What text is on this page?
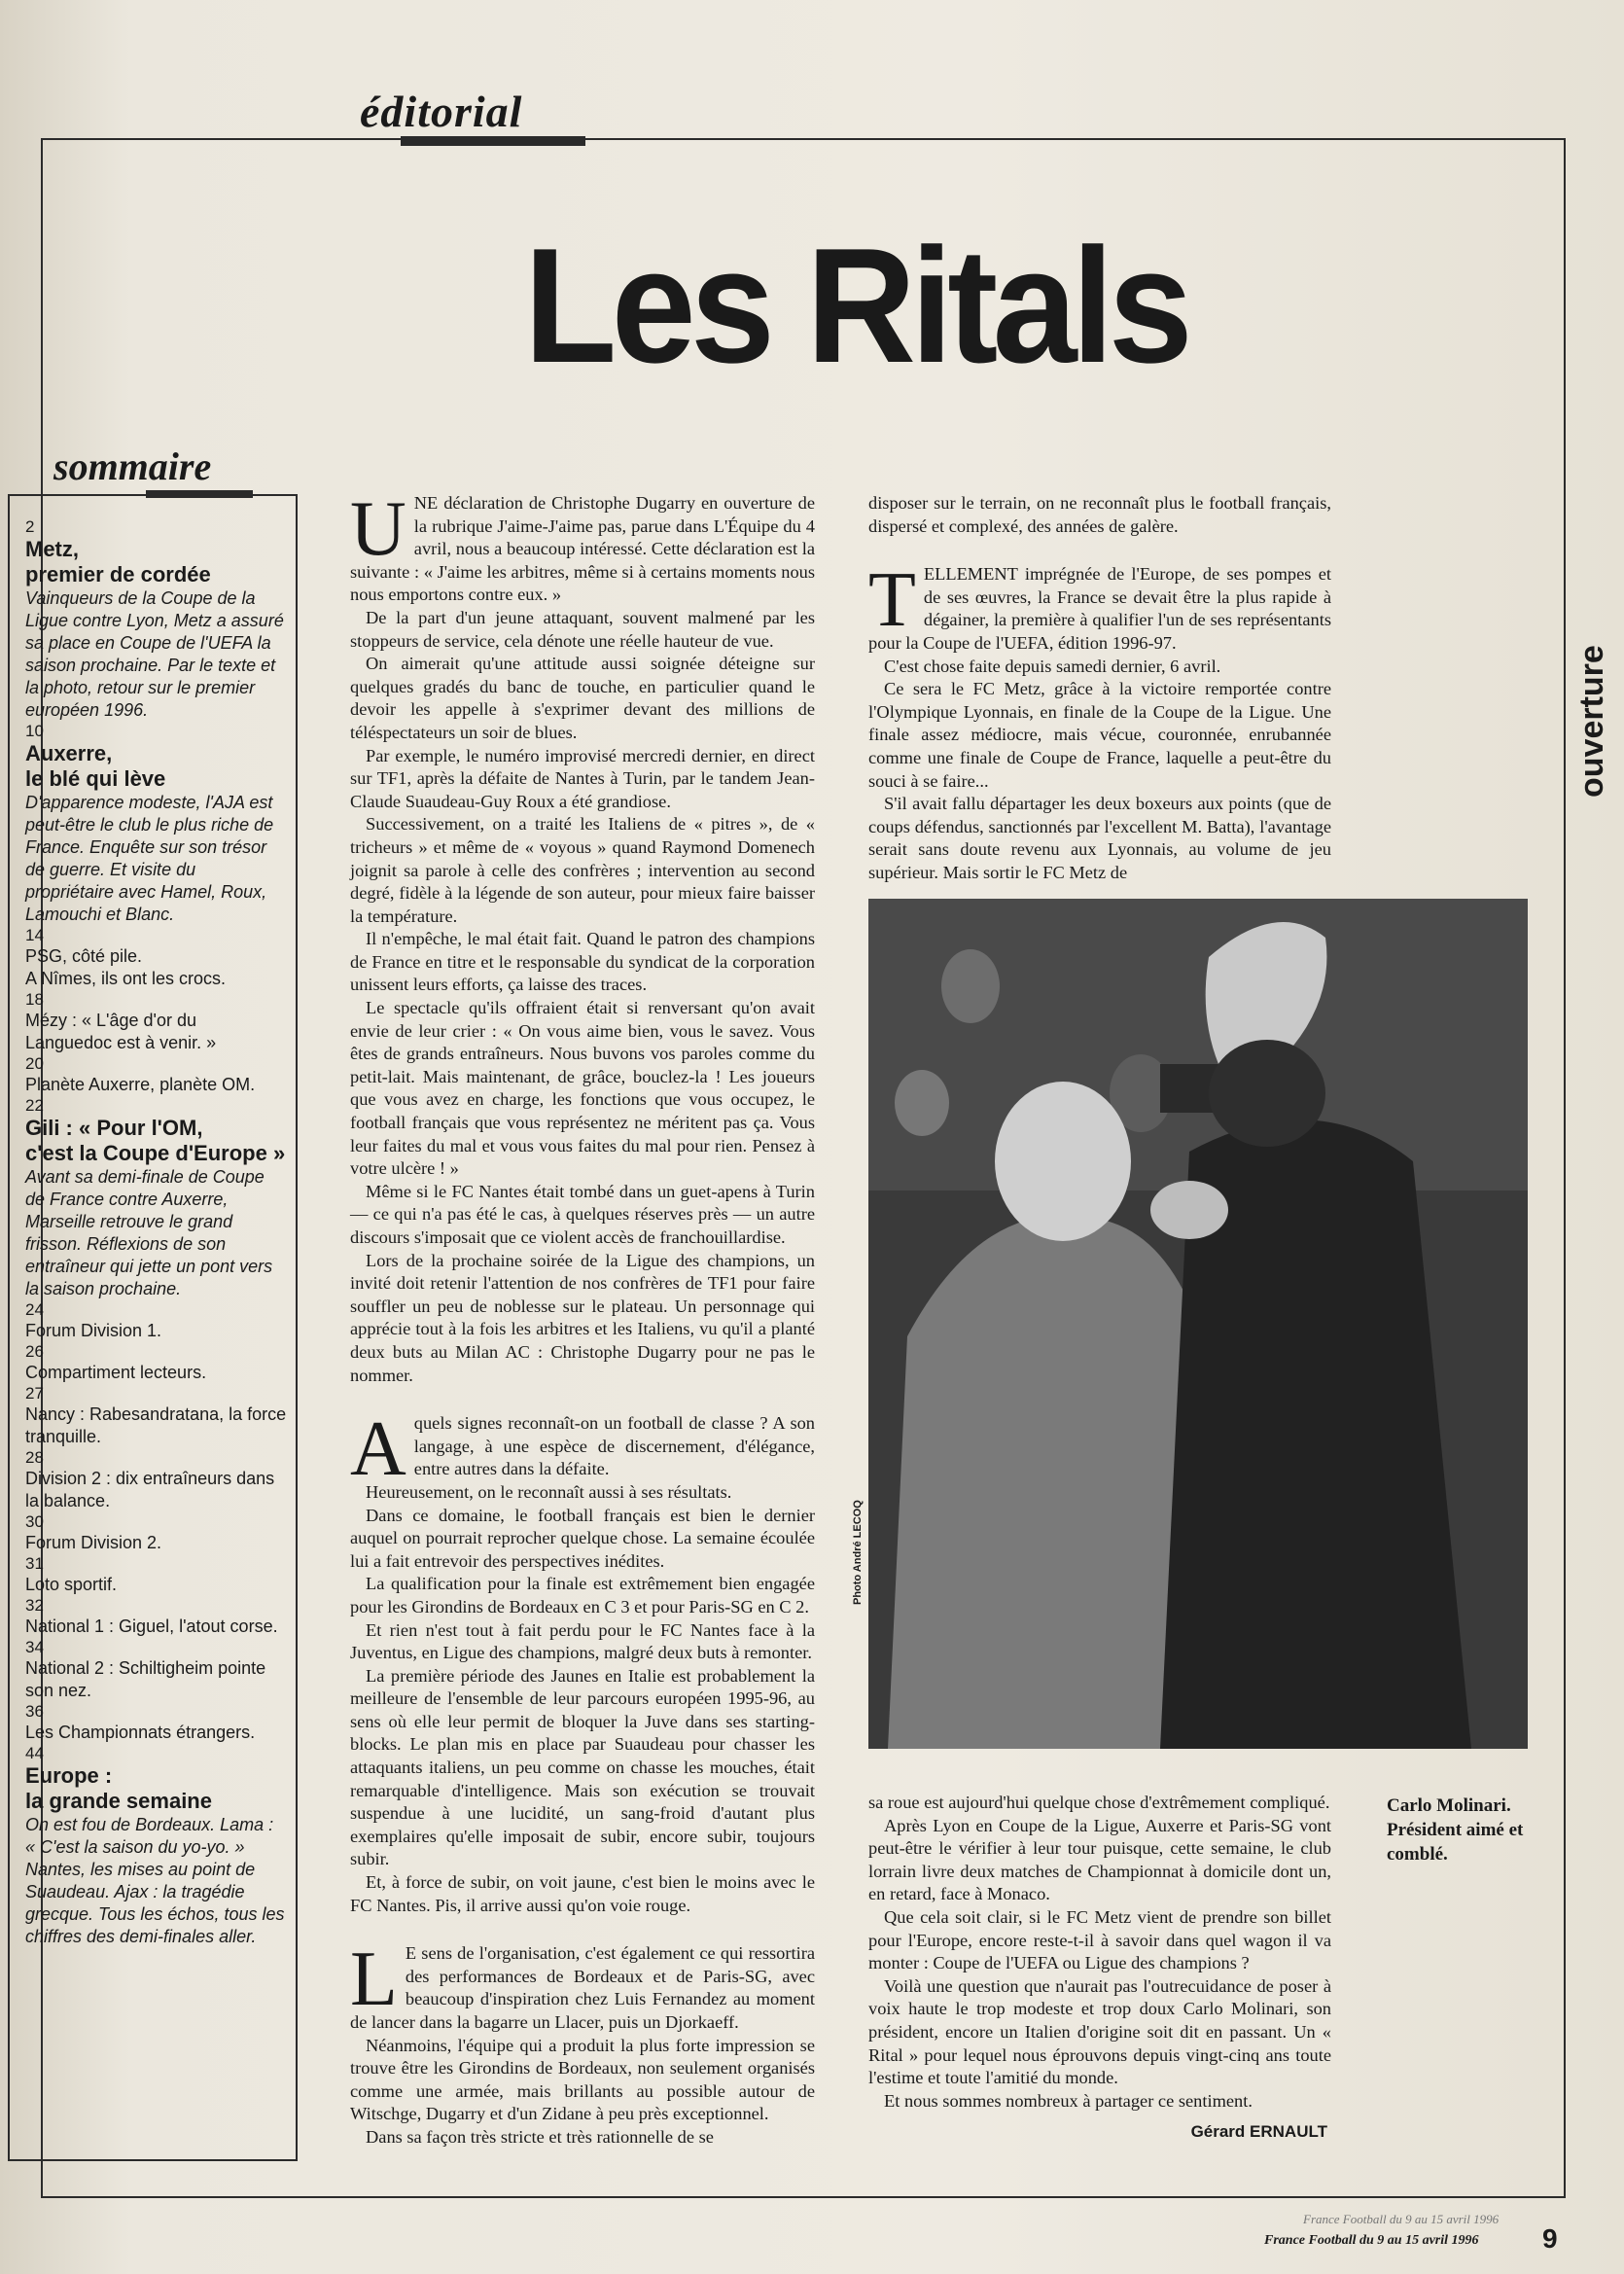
éditorial
Les Ritals
ouverture
sommaire
2
Metz,
premier de cordée
Vainqueurs de la Coupe de la Ligue contre Lyon, Metz a assuré sa place en Coupe de l'UEFA la saison prochaine. Par le texte et la photo, retour sur le premier européen 1996.
10
Auxerre,
le blé qui lève
D'apparence modeste, l'AJA est peut-être le club le plus riche de France. Enquête sur son trésor de guerre. Et visite du propriétaire avec Hamel, Roux, Lamouchi et Blanc.
14
PSG, côté pile.
A Nîmes, ils ont les crocs.
18
Mézy : « L'âge d'or du Languedoc est à venir. »
20
Planète Auxerre, planète OM.
22
Gili : « Pour l'OM,
c'est la Coupe d'Europe »
Avant sa demi-finale de Coupe de France contre Auxerre, Marseille retrouve le grand frisson. Réflexions de son entraîneur qui jette un pont vers la saison prochaine.
24
Forum Division 1.
26
Compartiment lecteurs.
27
Nancy : Rabesandratana, la force tranquille.
28
Division 2 : dix entraîneurs dans la balance.
30
Forum Division 2.
31
Loto sportif.
32
National 1 : Giguel, l'atout corse.
34
National 2 : Schiltigheim pointe son nez.
36
Les Championnats étrangers.
44
Europe :
la grande semaine
On est fou de Bordeaux. Lama : « C'est la saison du yo-yo. » Nantes, les mises au point de Suaudeau. Ajax : la tragédie grecque. Tous les échos, tous les chiffres des demi-finales aller.

UNE déclaration de Christophe Dugarry en ouverture de la rubrique J'aime-J'aime pas, parue dans L'Équipe du 4 avril, nous a beaucoup intéressé. Cette déclaration est la suivante : « J'aime les arbitres, même si à certains moments nous nous emportons contre eux. »

De la part d'un jeune attaquant, souvent malmené par les stoppeurs de service, cela dénote une réelle hauteur de vue.

On aimerait qu'une attitude aussi soignée déteigne sur quelques gradés du banc de touche, en particulier quand le devoir les appelle à s'exprimer devant des millions de téléspectateurs un soir de blues.

Par exemple, le numéro improvisé mercredi dernier, en direct sur TF1, après la défaite de Nantes à Turin, par le tandem Jean-Claude Suaudeau-Guy Roux a été grandiose.

Successivement, on a traité les Italiens de « pitres », de « tricheurs » et même de « voyous » quand Raymond Domenech joignit sa parole à celle des confrères ; intervention au second degré, fidèle à la légende de son auteur, pour mieux faire baisser la température.

Il n'empêche, le mal était fait. Quand le patron des champions de France en titre et le responsable du syndicat de la corporation unissent leurs efforts, ça laisse des traces.

Le spectacle qu'ils offraient était si renversant qu'on avait envie de leur crier : « On vous aime bien, vous le savez. Vous êtes de grands entraîneurs. Nous buvons vos paroles comme du petit-lait. Mais maintenant, de grâce, bouclez-la ! Les joueurs que vous avez en charge, les fonctions que vous occupez, le football français que vous représentez ne méritent pas ça. Vous leur faites du mal et vous vous faites du mal pour rien. Pensez à votre ulcère ! »

Même si le FC Nantes était tombé dans un guet-apens à Turin — ce qui n'a pas été le cas, à quelques réserves près — un autre discours s'imposait que ce violent accès de franchouillardise.

Lors de la prochaine soirée de la Ligue des champions, un invité doit retenir l'attention de nos confrères de TF1 pour faire souffler un peu de noblesse sur le plateau. Un personnage qui apprécie tout à la fois les arbitres et les Italiens, vu qu'il a planté deux buts au Milan AC : Christophe Dugarry pour ne pas le nommer.

Aquels signes reconnaît-on un football de classe ? A son langage, à une espèce de discernement, d'élégance, entre autres dans la défaite.

Heureusement, on le reconnaît aussi à ses résultats.

Dans ce domaine, le football français est bien le dernier auquel on pourrait reprocher quelque chose. La semaine écoulée lui a fait entrevoir des perspectives inédites.

La qualification pour la finale est extrêmement bien engagée pour les Girondins de Bordeaux en C 3 et pour Paris-SG en C 2.

Et rien n'est tout à fait perdu pour le FC Nantes face à la Juventus, en Ligue des champions, malgré deux buts à remonter.

La première période des Jaunes en Italie est probablement la meilleure de l'ensemble de leur parcours européen 1995-96, au sens où elle leur permit de bloquer la Juve dans ses starting-blocks. Le plan mis en place par Suaudeau pour chasser les attaquants italiens, un peu comme on chasse les mouches, était remarquable d'intelligence. Mais son exécution se trouvait suspendue à une lucidité, un sang-froid d'autant plus exemplaires qu'elle imposait de subir, encore subir, toujours subir.

Et, à force de subir, on voit jaune, c'est bien le moins avec le FC Nantes. Pis, il arrive aussi qu'on voie rouge.

L E sens de l'organisation, c'est également ce qui ressortira des performances de Bordeaux et de Paris-SG, avec beaucoup d'inspiration chez Luis Fernandez au moment de lancer dans la bagarre un Llacer, puis un Djorkaeff.

Néanmoins, l'équipe qui a produit la plus forte impression se trouve être les Girondins de Bordeaux, non seulement organisés comme une armée, mais brillants au possible autour de Witschge, Dugarry et d'un Zidane à peu près exceptionnel.

Dans sa façon très stricte et très rationnelle de se

disposer sur le terrain, on ne reconnaît plus le football français, dispersé et complexé, des années de galère.

TELLEMENT imprégnée de l'Europe, de ses pompes et de ses œuvres, la France se devait être la plus rapide à dégainer, la première à qualifier l'un de ses représentants pour la Coupe de l'UEFA, édition 1996-97.

C'est chose faite depuis samedi dernier, 6 avril.

Ce sera le FC Metz, grâce à la victoire remportée contre l'Olympique Lyonnais, en finale de la Coupe de la Ligue. Une finale assez médiocre, mais vécue, couronnée, enrubannée comme une finale de Coupe de France, laquelle a peut-être du souci à se faire...

S'il avait fallu départager les deux boxeurs aux points (que de coups défendus, sanctionnés par l'excellent M. Batta), l'avantage serait sans doute revenu aux Lyonnais, au volume de jeu supérieur. Mais sortir le FC Metz de

Photo André LECOQ
Carlo Molinari.
Président aimé et comblé.

sa roue est aujourd'hui quelque chose d'extrêmement compliqué.

Après Lyon en Coupe de la Ligue, Auxerre et Paris-SG vont peut-être le vérifier à leur tour puisque, cette semaine, le club lorrain livre deux matches de Championnat à domicile dont un, en retard, face à Monaco.

Que cela soit clair, si le FC Metz vient de prendre son billet pour l'Europe, encore reste-t-il à savoir dans quel wagon il va monter : Coupe de l'UEFA ou Ligue des champions ?

Voilà une question que n'aurait pas l'outrecuidance de poser à voix haute le trop modeste et trop doux Carlo Molinari, son président, encore un Italien d'origine soit dit en passant. Un « Rital » pour lequel nous éprouvons depuis vingt-cinq ans toute l'estime et toute l'amitié du monde.

Et nous sommes nombreux à partager ce sentiment.

Gérard ERNAULT
France Football du 9 au 15 avril 1996
France Football du 9 au 15 avril 1996 9
